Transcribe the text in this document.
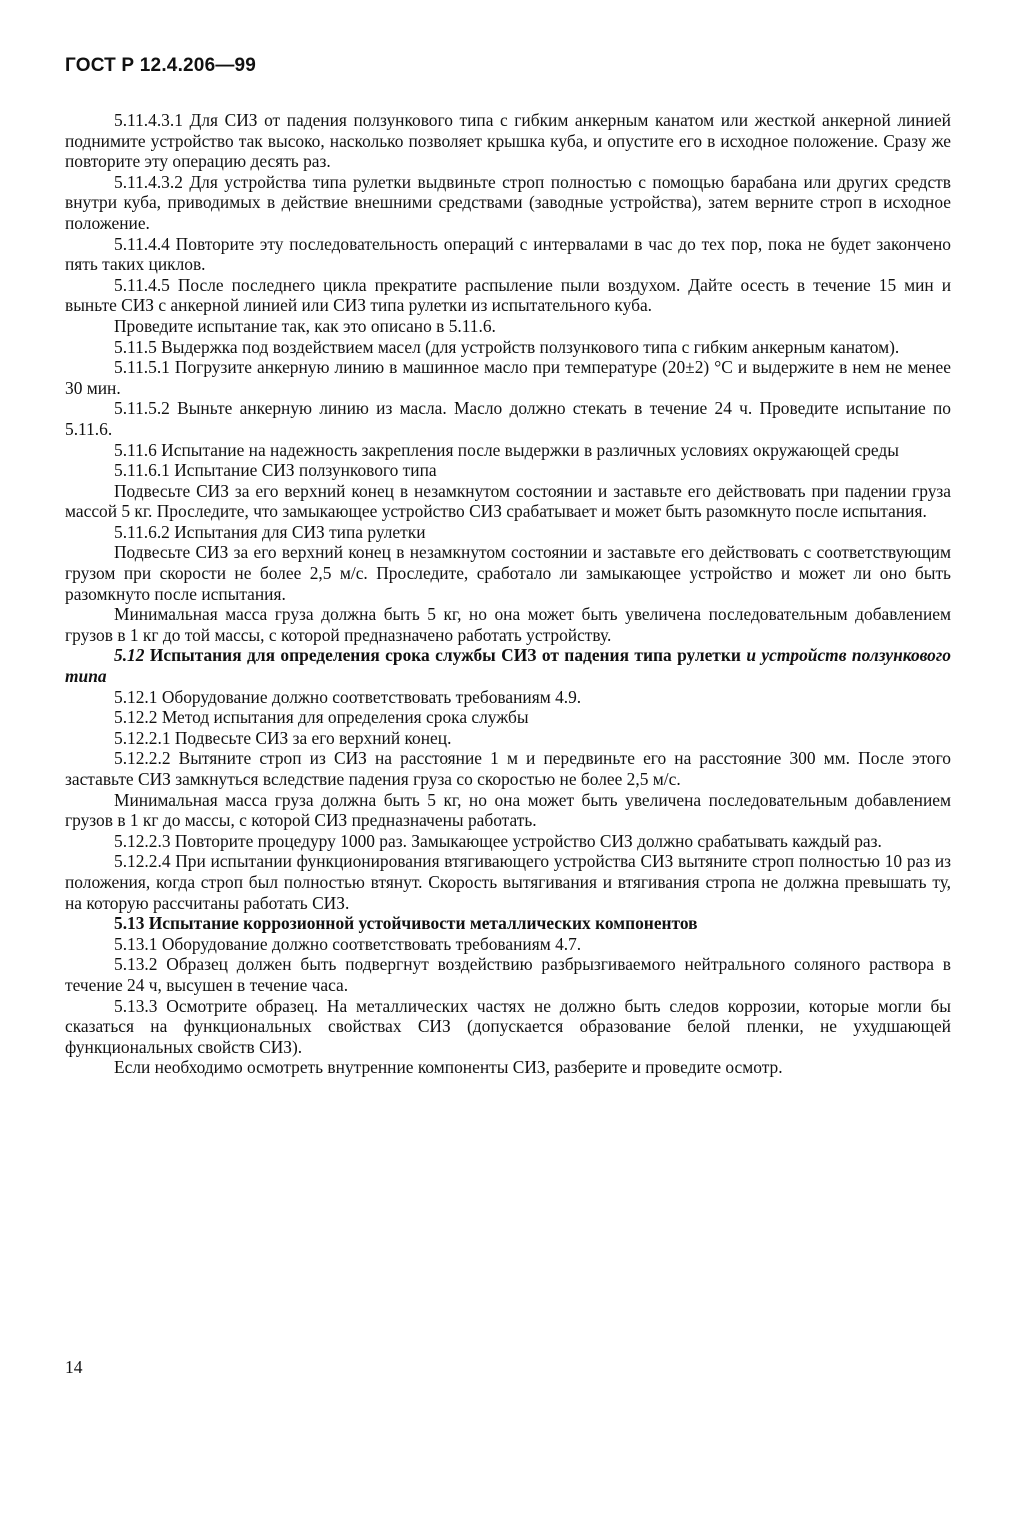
ГОСТ Р 12.4.206—99

5.11.4.3.1 Для СИЗ от падения ползункового типа с гибким анкерным канатом или жесткой анкерной линией поднимите устройство так высоко, насколько позволяет крышка куба, и опустите его в исходное положение. Сразу же повторите эту операцию десять раз.

5.11.4.3.2 Для устройства типа рулетки выдвиньте строп полностью с помощью барабана или других средств внутри куба, приводимых в действие внешними средствами (заводные устройства), затем верните строп в исходное положение.

5.11.4.4 Повторите эту последовательность операций с интервалами в час до тех пор, пока не будет закончено пять таких циклов.

5.11.4.5 После последнего цикла прекратите распыление пыли воздухом. Дайте осесть в течение 15 мин и выньте СИЗ с анкерной линией или СИЗ типа рулетки из испытательного куба.

Проведите испытание так, как это описано в 5.11.6.

5.11.5 Выдержка под воздействием масел (для устройств ползункового типа с гибким анкерным канатом).

5.11.5.1 Погрузите анкерную линию в машинное масло при температуре (20±2) °С и выдержите в нем не менее 30 мин.

5.11.5.2 Выньте анкерную линию из масла. Масло должно стекать в течение 24 ч. Проведите испытание по 5.11.6.

5.11.6 Испытание на надежность закрепления после выдержки в различных условиях окружающей среды

5.11.6.1 Испытание СИЗ ползункового типа

Подвесьте СИЗ за его верхний конец в незамкнутом состоянии и заставьте его действовать при падении груза массой 5 кг. Проследите, что замыкающее устройство СИЗ срабатывает и может быть разомкнуто после испытания.

5.11.6.2 Испытания для СИЗ типа рулетки

Подвесьте СИЗ за его верхний конец в незамкнутом состоянии и заставьте его действовать с соответствующим грузом при скорости не более 2,5 м/с. Проследите, сработало ли замыкающее устройство и может ли оно быть разомкнуто после испытания.

Минимальная масса груза должна быть 5 кг, но она может быть увеличена последовательным добавлением грузов в 1 кг до той массы, с которой предназначено работать устройству.

5.12 Испытания для определения срока службы СИЗ от падения типа рулетки и устройств ползункового типа

5.12.1 Оборудование должно соответствовать требованиям 4.9.

5.12.2 Метод испытания для определения срока службы

5.12.2.1 Подвесьте СИЗ за его верхний конец.

5.12.2.2 Вытяните строп из СИЗ на расстояние 1 м и передвиньте его на расстояние 300 мм. После этого заставьте СИЗ замкнуться вследствие падения груза со скоростью не более 2,5 м/с.

Минимальная масса груза должна быть 5 кг, но она может быть увеличена последовательным добавлением грузов в 1 кг до массы, с которой СИЗ предназначены работать.

5.12.2.3 Повторите процедуру 1000 раз. Замыкающее устройство СИЗ должно срабатывать каждый раз.

5.12.2.4 При испытании функционирования втягивающего устройства СИЗ вытяните строп полностью 10 раз из положения, когда строп был полностью втянут. Скорость вытягивания и втягивания стропа не должна превышать ту, на которую рассчитаны работать СИЗ.

5.13 Испытание коррозионной устойчивости металлических компонентов

5.13.1 Оборудование должно соответствовать требованиям 4.7.

5.13.2 Образец должен быть подвергнут воздействию разбрызгиваемого нейтрального соляного раствора в течение 24 ч, высушен в течение часа.

5.13.3 Осмотрите образец. На металлических частях не должно быть следов коррозии, которые могли бы сказаться на функциональных свойствах СИЗ (допускается образование белой пленки, не ухудшающей функциональных свойств СИЗ).

Если необходимо осмотреть внутренние компоненты СИЗ, разберите и проведите осмотр.

14
